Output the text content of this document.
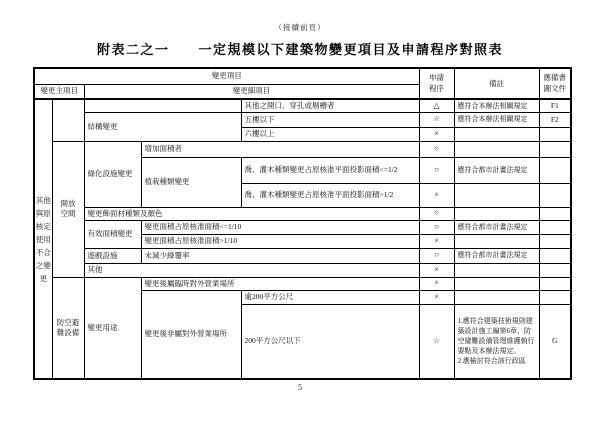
（接續前頁）
附表二之一　　一定規模以下建築物變更項目及申請程序對照表
變更項目					申請程序	備註	應備書圖文件
變更主項目		變更細項目					
其他與原核定使用不合之變更				其他之開口、穿孔或剔槽者	△	應符合本辦法相關規定	F1
		結構變更		五樓以下	☆	應符合本辦法相關規定	F2
				六樓以上	×		
	開放空間	綠化設施變更	增加面積者		○		
			植栽種類變更	喬、灌木種類變更占原核准平面投影面積<=1/2	○	應符合都市計畫法規定	
				喬、灌木種類變更占原核准平面投影面積>1/2	×		
		變更飾面材種類及顏色			○		
		有效面積變更	變更面積占原核准面積<=1/10		○	應符合都市計畫法規定	
			變更面積占原核准面積>1/10		×		
		遊戲設施	未減少綠覆率		○	應符合都市計畫法規定	
		其他			×		
	防空避難設備	變更用途	變更後屬臨時對外營業場所		×		
			變更後非屬對外營業場所	逾200平方公尺	×		
				200平方公尺以下	☆	1.應符合建築技術規則建築設計施工編第6章、防空避難設備管理維護執行要點及本辦法規定。
2.應檢討符合該行政區	G
5
